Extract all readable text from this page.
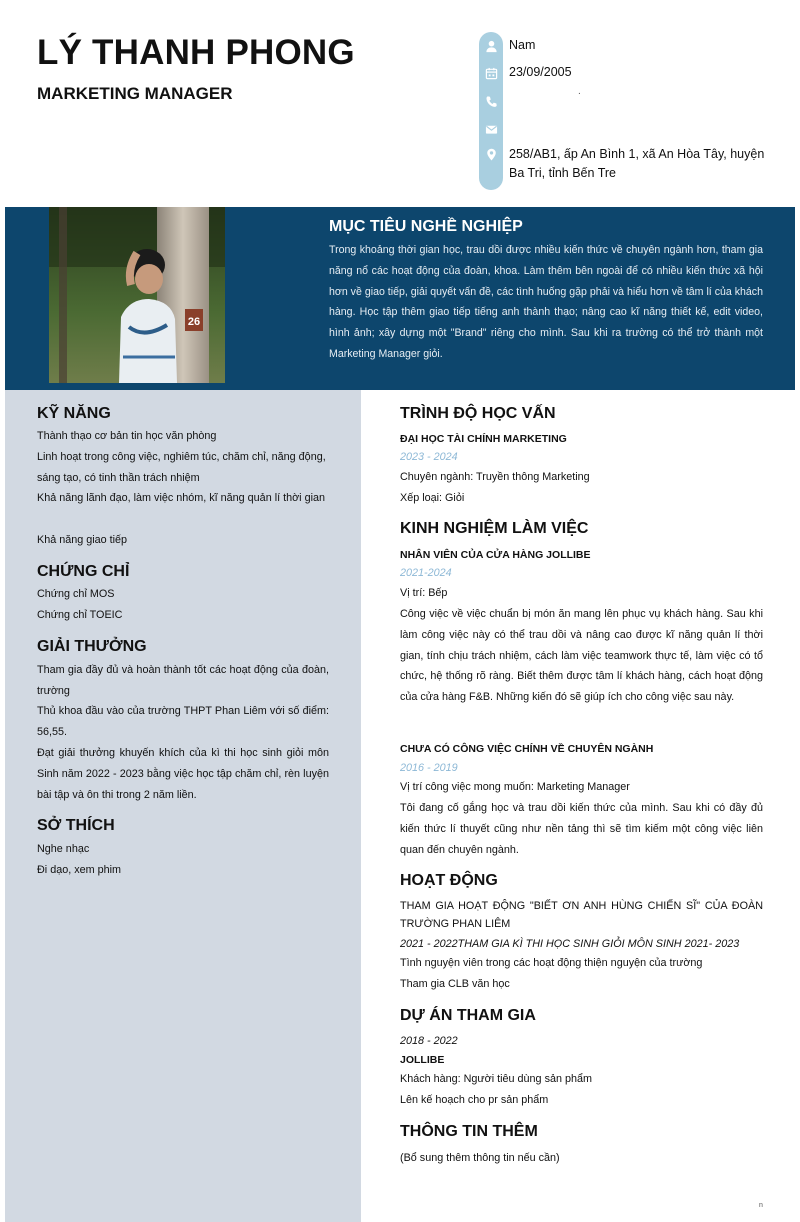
LÝ THANH PHONG
MARKETING MANAGER
Nam
23/09/2005
.
258/AB1, ấp An Bình 1, xã An Hòa Tây, huyện Ba Tri, tỉnh Bến Tre
26
MỤC TIÊU NGHỀ NGHIỆP
Trong khoảng thời gian học, trau dồi được nhiều kiến thức về chuyên ngành hơn, tham gia năng nổ các hoạt động của đoàn, khoa. Làm thêm bên ngoài để có nhiều kiến thức xã hội hơn về giao tiếp, giải quyết vấn đề, các tình huống gặp phải và hiểu hơn về tâm lí của khách hàng. Học tập thêm giao tiếp tiếng anh thành thạo; nâng cao kĩ năng thiết kế, edit video, hình ảnh; xây dựng một "Brand" riêng cho mình. Sau khi ra trường có thể trở thành một Marketing Manager giỏi.
KỸ NĂNG
Thành thạo cơ bản tin học văn phòng
Linh hoạt trong công việc, nghiêm túc, chăm chỉ, năng động, sáng tạo, có tinh thần trách nhiệm
Khả năng lãnh đạo, làm việc nhóm, kĩ năng quản lí thời gian
Khả năng giao tiếp
CHỨNG CHỈ
Chứng chỉ MOS
Chứng chỉ TOEIC
GIẢI THƯỞNG
Tham gia đầy đủ và hoàn thành tốt các hoạt động của đoàn, trường
Thủ khoa đầu vào của trường THPT Phan Liêm với số điểm: 56,55.
Đạt giải thưởng khuyến khích của kì thi học sinh giỏi môn Sinh năm 2022 - 2023 bằng việc học tập chăm chỉ, rèn luyện bài tập và ôn thi trong 2 năm liền.
SỞ THÍCH
Nghe nhạc
Đi dạo, xem phim
TRÌNH ĐỘ HỌC VẤN
ĐẠI HỌC TÀI CHÍNH MARKETING
2023 - 2024
Chuyên ngành: Truyền thông Marketing
Xếp loại: Giỏi
KINH NGHIỆM LÀM VIỆC
NHÂN VIÊN CỦA CỬA HÀNG JOLLIBE
2021-2024
Vị trí: Bếp
Công việc về việc chuẩn bị món ăn mang lên phục vụ khách hàng. Sau khi làm công việc này có thể trau dồi và nâng cao được kĩ năng quản lí thời gian, tính chịu trách nhiệm, cách làm việc teamwork thực tế, làm việc có tổ chức, hệ thống rõ ràng. Biết thêm được tâm lí khách hàng, cách hoạt động của cửa hàng F&B. Những kiến đó sẽ giúp ích cho công việc sau này.
CHƯA CÓ CÔNG VIỆC CHÍNH VỀ CHUYÊN NGÀNH
2016 - 2019
Vị trí công việc mong muốn: Marketing Manager
Tôi đang cố gắng học và trau dồi kiến thức của mình. Sau khi có đầy đủ kiến thức lí thuyết cũng như nền tảng thì sẽ tìm kiếm một công việc liên quan đến chuyên ngành.
HOẠT ĐỘNG
THAM GIA HOẠT ĐỘNG "BIẾT ƠN ANH HÙNG CHIẾN SĨ" CỦA ĐOÀN TRƯỜNG PHAN LIÊM
2021 - 2022THAM GIA KÌ THI HỌC SINH GIỎI MÔN SINH 2021- 2023
Tình nguyện viên trong các hoạt động thiện nguyện của trường
Tham gia CLB văn học
DỰ ÁN THAM GIA
2018 - 2022
JOLLIBE
Khách hàng: Người tiêu dùng sản phẩm
Lên kế hoạch cho pr sản phẩm
THÔNG TIN THÊM
(Bổ sung thêm thông tin nếu cần)
n
